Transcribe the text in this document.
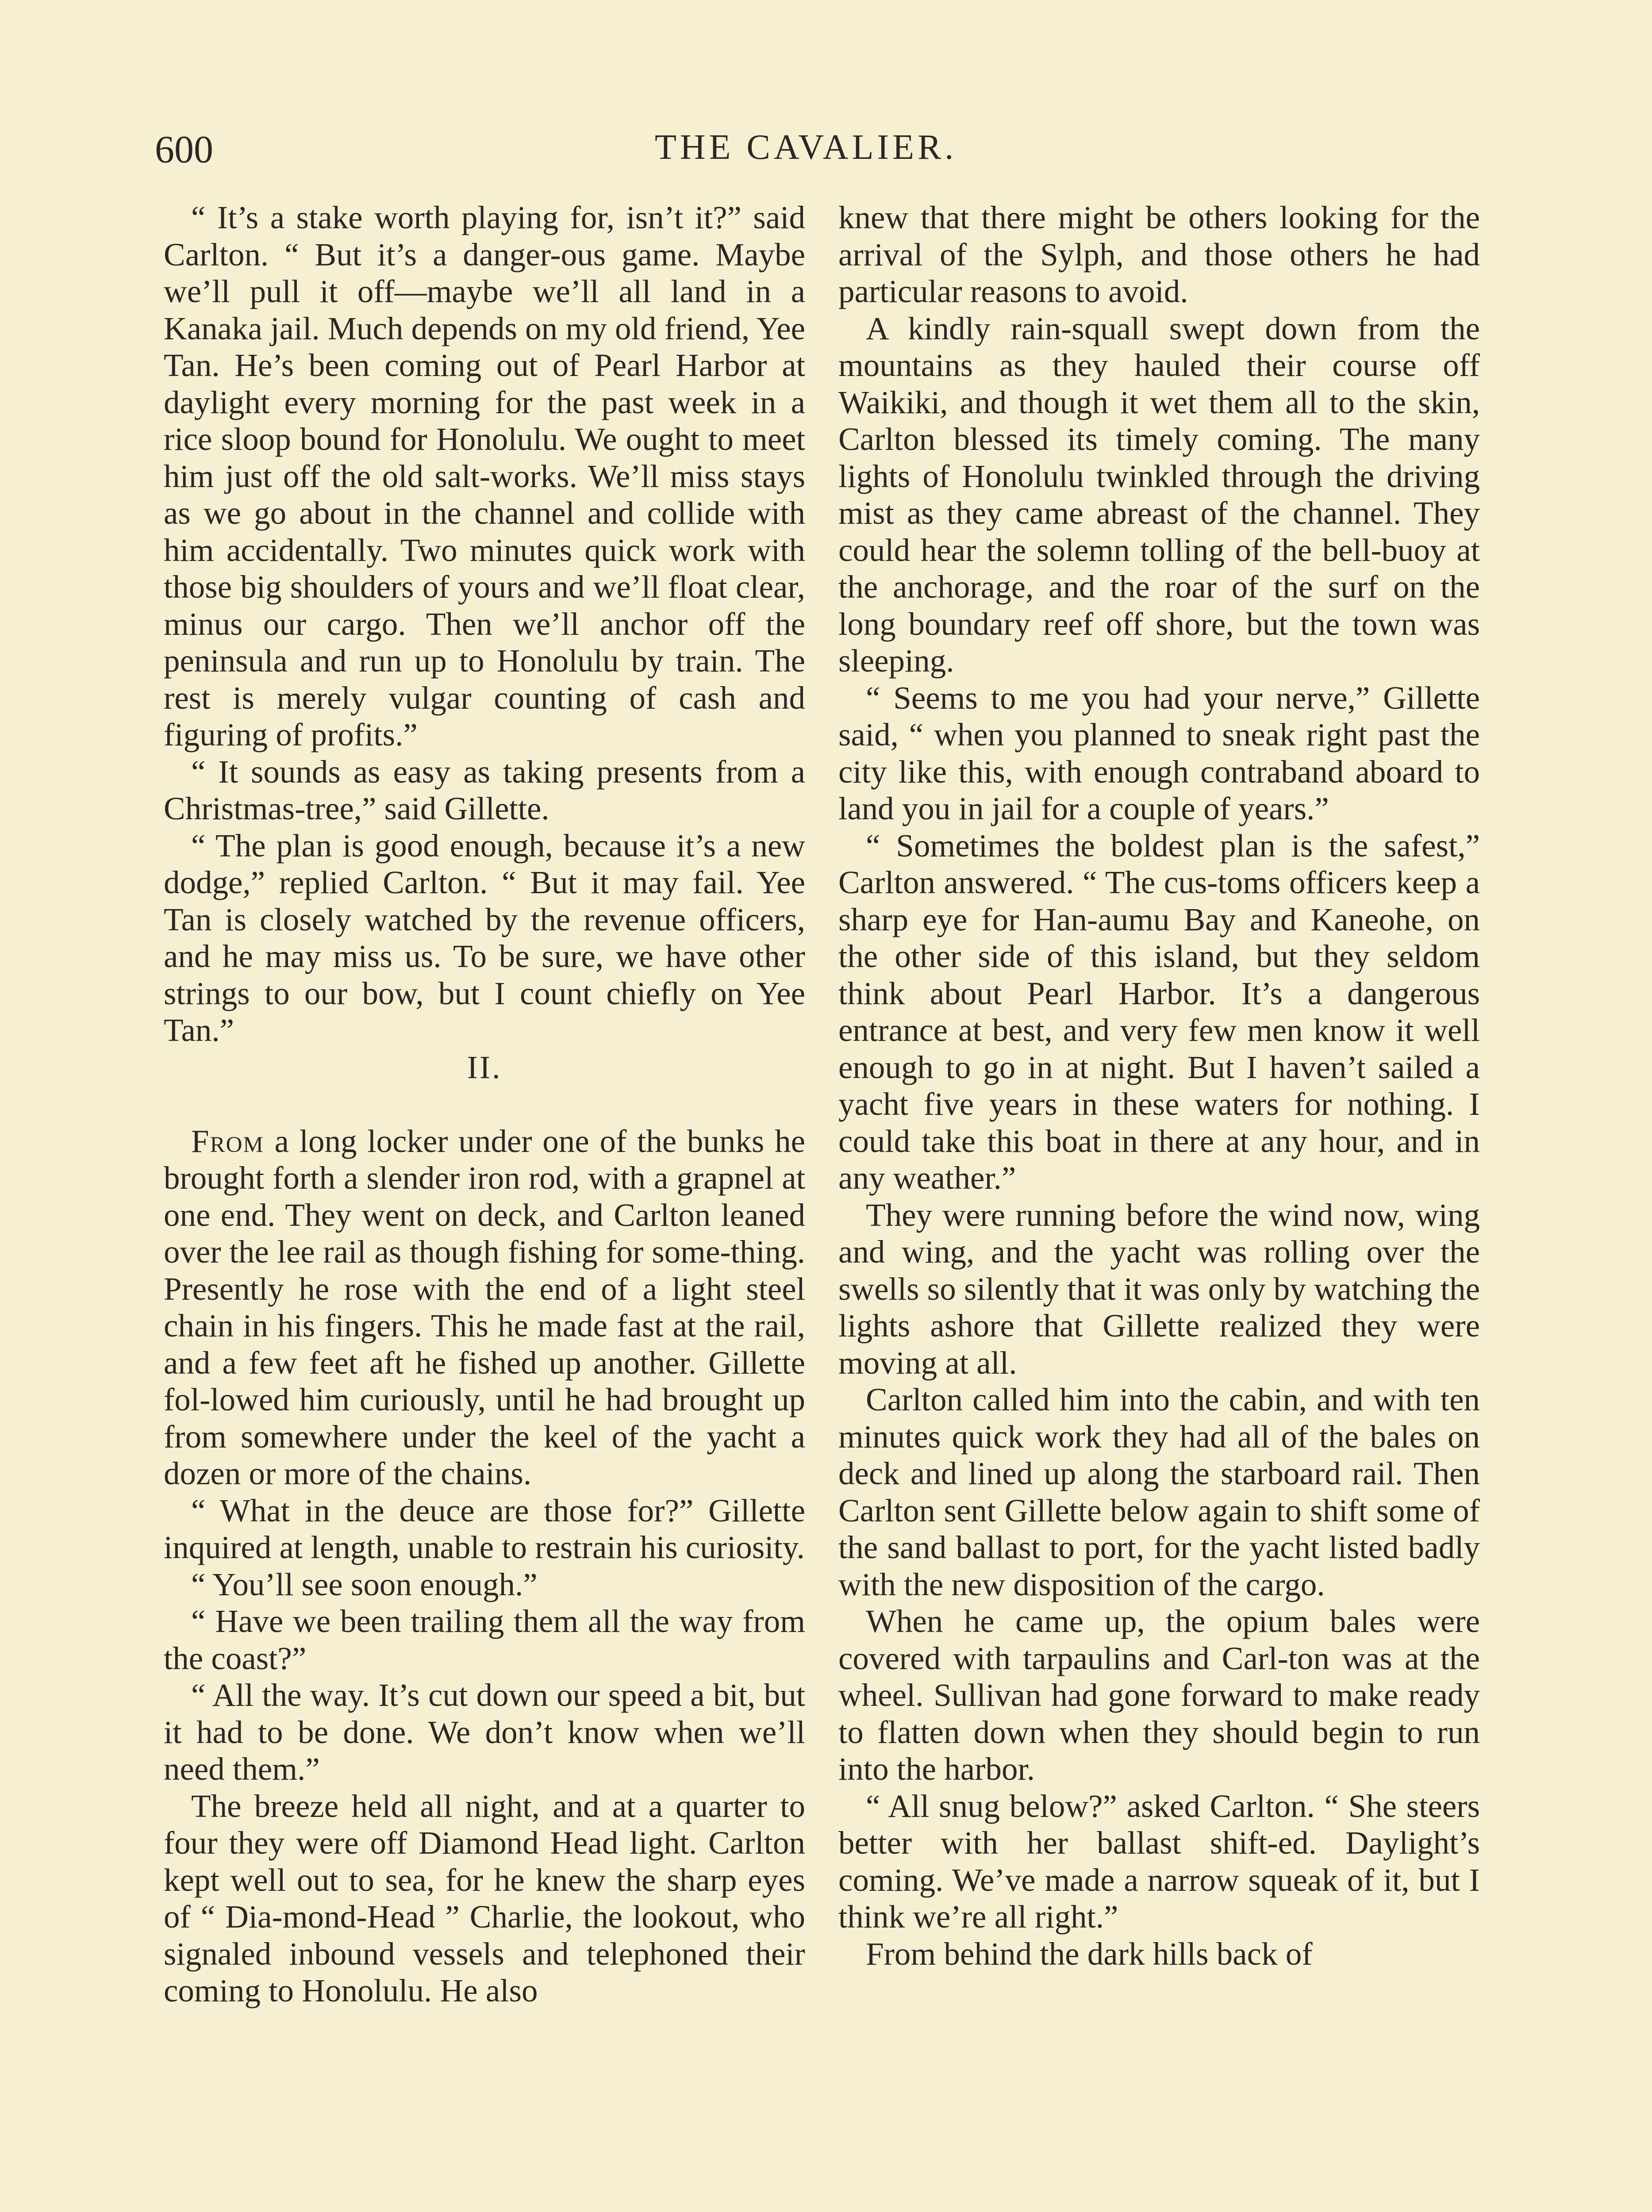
600	THE CAVALIER.

“ It’s a stake worth playing for, isn’t it?” said Carlton. “ But it’s a danger-ous game. Maybe we’ll pull it off—maybe we’ll all land in a Kanaka jail. Much depends on my old friend, Yee Tan. He’s been coming out of Pearl Harbor at daylight every morning for the past week in a rice sloop bound for Honolulu. We ought to meet him just off the old salt-works. We’ll miss stays as we go about in the channel and collide with him accidentally. Two minutes quick work with those big shoulders of yours and we’ll float clear, minus our cargo. Then we’ll anchor off the peninsula and run up to Honolulu by train. The rest is merely vulgar counting of cash and figuring of profits.”

“ It sounds as easy as taking presents from a Christmas-tree,” said Gillette.

“ The plan is good enough, because it’s a new dodge,” replied Carlton. “ But it may fail. Yee Tan is closely watched by the revenue officers, and he may miss us. To be sure, we have other strings to our bow, but I count chiefly on Yee Tan.”

II.

From a long locker under one of the bunks he brought forth a slender iron rod, with a grapnel at one end. They went on deck, and Carlton leaned over the lee rail as though fishing for some-thing. Presently he rose with the end of a light steel chain in his fingers. This he made fast at the rail, and a few feet aft he fished up another. Gillette fol-lowed him curiously, until he had brought up from somewhere under the keel of the yacht a dozen or more of the chains.

“ What in the deuce are those for?” Gillette inquired at length, unable to restrain his curiosity.

“ You’ll see soon enough.”

“ Have we been trailing them all the way from the coast?”

“ All the way. It’s cut down our speed a bit, but it had to be done. We don’t know when we’ll need them.”

The breeze held all night, and at a quarter to four they were off Diamond Head light. Carlton kept well out to sea, for he knew the sharp eyes of “ Dia-mond-Head ” Charlie, the lookout, who signaled inbound vessels and telephoned their coming to Honolulu. He also

knew that there might be others looking for the arrival of the Sylph, and those others he had particular reasons to avoid.

A kindly rain-squall swept down from the mountains as they hauled their course off Waikiki, and though it wet them all to the skin, Carlton blessed its timely coming. The many lights of Honolulu twinkled through the driving mist as they came abreast of the channel. They could hear the solemn tolling of the bell-buoy at the anchorage, and the roar of the surf on the long boundary reef off shore, but the town was sleeping.

“ Seems to me you had your nerve,” Gillette said, “ when you planned to sneak right past the city like this, with enough contraband aboard to land you in jail for a couple of years.”

“ Sometimes the boldest plan is the safest,” Carlton answered. “ The cus-toms officers keep a sharp eye for Han-aumu Bay and Kaneohe, on the other side of this island, but they seldom think about Pearl Harbor. It’s a dangerous entrance at best, and very few men know it well enough to go in at night. But I haven’t sailed a yacht five years in these waters for nothing. I could take this boat in there at any hour, and in any weather.”

They were running before the wind now, wing and wing, and the yacht was rolling over the swells so silently that it was only by watching the lights ashore that Gillette realized they were moving at all.

Carlton called him into the cabin, and with ten minutes quick work they had all of the bales on deck and lined up along the starboard rail. Then Carlton sent Gillette below again to shift some of the sand ballast to port, for the yacht listed badly with the new disposition of the cargo.

When he came up, the opium bales were covered with tarpaulins and Carl-ton was at the wheel. Sullivan had gone forward to make ready to flatten down when they should begin to run into the harbor.

“ All snug below?” asked Carlton. “ She steers better with her ballast shift-ed. Daylight’s coming. We’ve made a narrow squeak of it, but I think we’re all right.”

From behind the dark hills back of
